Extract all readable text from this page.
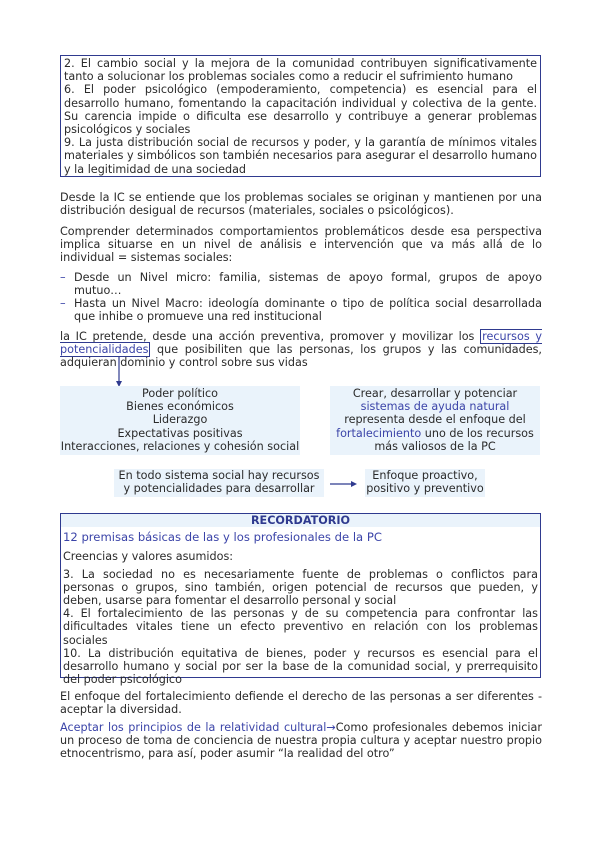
2. El cambio social y la mejora de la comunidad contribuyen significativamente tanto a solucionar los problemas sociales como a reducir el sufrimiento humano
6. El poder psicológico (empoderamiento, competencia) es esencial para el desarrollo humano, fomentando la capacitación individual y colectiva de la gente. Su carencia impide o dificulta ese desarrollo y contribuye a generar problemas psicológicos y sociales
9. La justa distribución social de recursos y poder, y la garantía de mínimos vitales materiales y simbólicos son también necesarios para asegurar el desarrollo humano y la legitimidad de una sociedad
Desde la IC se entiende que los problemas sociales se originan y mantienen por una distribución desigual de recursos (materiales, sociales o psicológicos).
Comprender determinados comportamientos problemáticos desde esa perspectiva implica situarse en un nivel de análisis e intervención que va más allá de lo individual = sistemas sociales:
– Desde un Nivel micro: familia, sistemas de apoyo formal, grupos de apoyo mutuo…
– Hasta un Nivel Macro: ideología dominante o tipo de política social desarrollada que inhibe o promueve una red institucional
la IC pretende, desde una acción preventiva, promover y movilizar los recursos y potencialidades que posibiliten que las personas, los grupos y las comunidades, adquieran dominio y control sobre sus vidas
Poder político
Bienes económicos
Liderazgo
Expectativas positivas
Interacciones, relaciones y cohesión social
Crear, desarrollar y potenciar
sistemas de ayuda natural
representa desde el enfoque del
fortalecimiento uno de los recursos
más valiosos de la PC
En todo sistema social hay recursos y potencialidades para desarrollar
Enfoque proactivo, positivo y preventivo
RECORDATORIO
12 premisas básicas de las y los profesionales de la PC
Creencias y valores asumidos:
3. La sociedad no es necesariamente fuente de problemas o conflictos para personas o grupos, sino también, origen potencial de recursos que pueden, y deben, usarse para fomentar el desarrollo personal y social
4. El fortalecimiento de las personas y de su competencia para confrontar las dificultades vitales tiene un efecto preventivo en relación con los problemas sociales
10. La distribución equitativa de bienes, poder y recursos es esencial para el desarrollo humano y social por ser la base de la comunidad social, y prerrequisito del poder psicológico
El enfoque del fortalecimiento defiende el derecho de las personas a ser diferentes - aceptar la diversidad.
Aceptar los principios de la relatividad cultural→Como profesionales debemos iniciar un proceso de toma de conciencia de nuestra propia cultura y aceptar nuestro propio etnocentrismo, para así, poder asumir “la realidad del otro”
